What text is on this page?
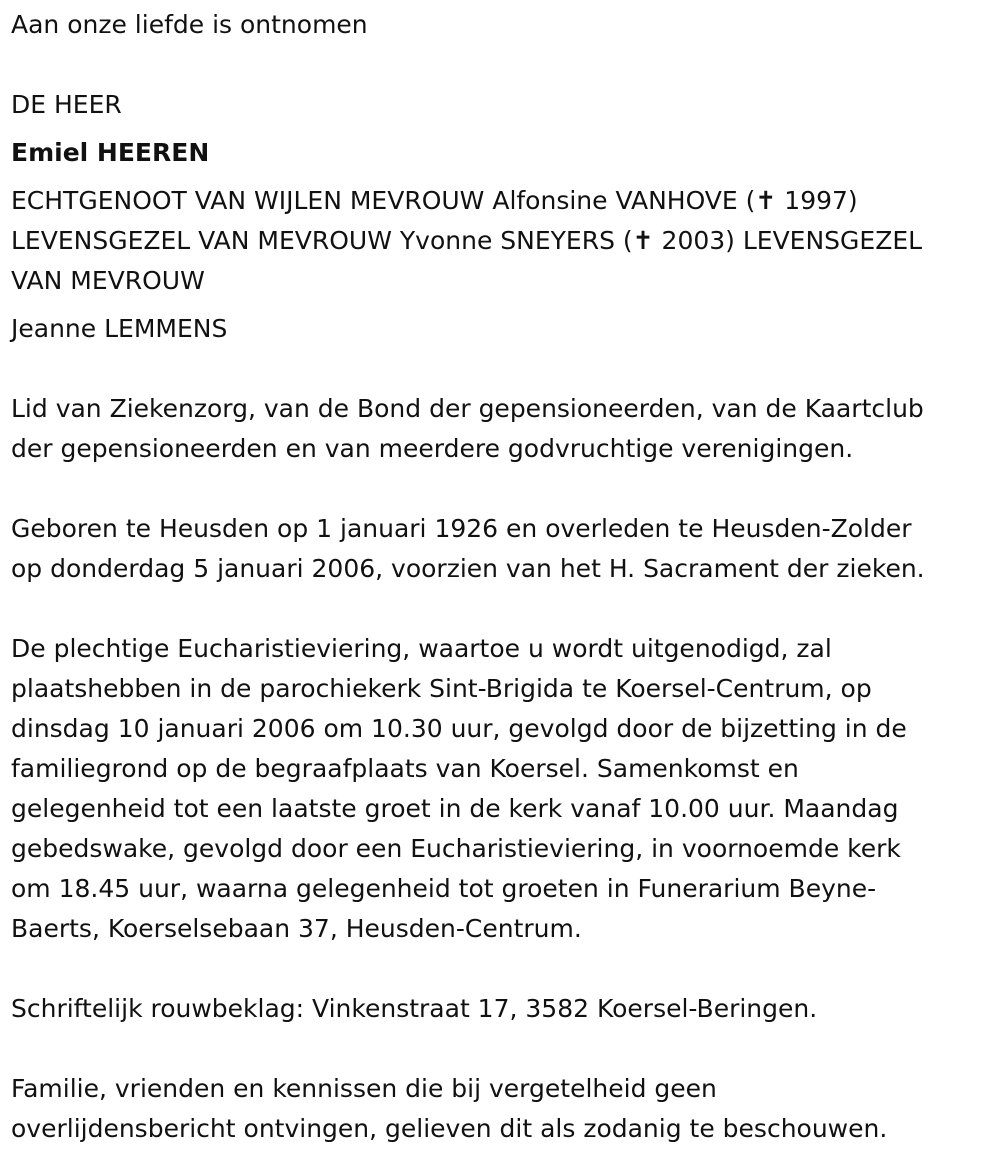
Aan onze liefde is ontnomen
DE HEER
Emiel HEEREN
ECHTGENOOT VAN WIJLEN MEVROUW Alfonsine VANHOVE (✝ 1997)
LEVENSGEZEL VAN MEVROUW Yvonne SNEYERS (✝ 2003) LEVENSGEZEL
VAN MEVROUW
Jeanne LEMMENS
Lid van Ziekenzorg, van de Bond der gepensioneerden, van de Kaartclub
der gepensioneerden en van meerdere godvruchtige verenigingen.
Geboren te Heusden op 1 januari 1926 en overleden te Heusden-Zolder
op donderdag 5 januari 2006, voorzien van het H. Sacrament der zieken.
De plechtige Eucharistieviering, waartoe u wordt uitgenodigd, zal
plaatshebben in de parochiekerk Sint-Brigida te Koersel-Centrum, op
dinsdag 10 januari 2006 om 10.30 uur, gevolgd door de bijzetting in de
familiegrond op de begraafplaats van Koersel. Samenkomst en
gelegenheid tot een laatste groet in de kerk vanaf 10.00 uur. Maandag
gebedswake, gevolgd door een Eucharistieviering, in voornoemde kerk
om 18.45 uur, waarna gelegenheid tot groeten in Funerarium Beyne-
Baerts, Koerselsebaan 37, Heusden-Centrum.
Schriftelijk rouwbeklag: Vinkenstraat 17, 3582 Koersel-Beringen.
Familie, vrienden en kennissen die bij vergetelheid geen
overlijdensbericht ontvingen, gelieven dit als zodanig te beschouwen.
